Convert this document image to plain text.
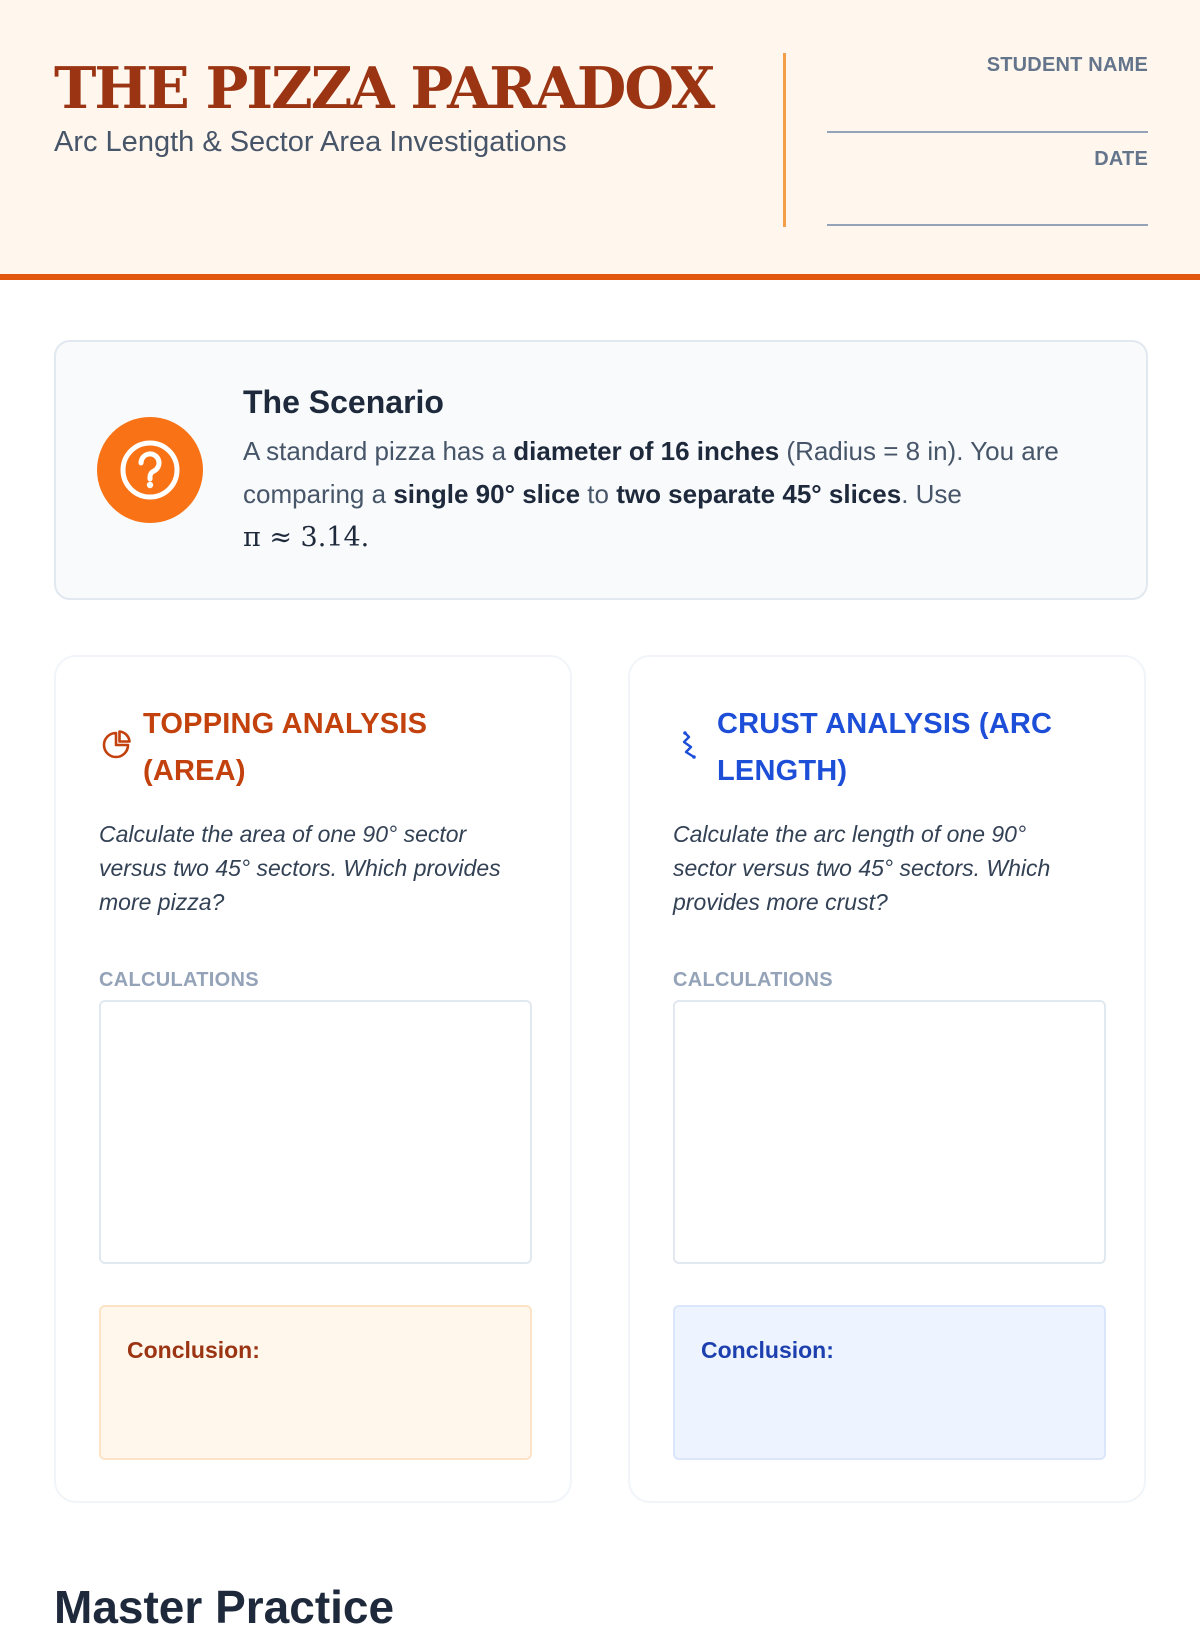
THE PIZZA PARADOX
Arc Length & Sector Area Investigations
STUDENT NAME
DATE
The Scenario
A standard pizza has a diameter of 16 inches (Radius = 8 in). You are comparing a single 90° slice to two separate 45° slices. Use
π ≈ 3.14.
TOPPING ANALYSIS (AREA)
Calculate the area of one 90° sector versus two 45° sectors. Which provides more pizza?
CALCULATIONS
Conclusion:
CRUST ANALYSIS (ARC LENGTH)
Calculate the arc length of one 90° sector versus two 45° sectors. Which provides more crust?
CALCULATIONS
Conclusion:
Master Practice
